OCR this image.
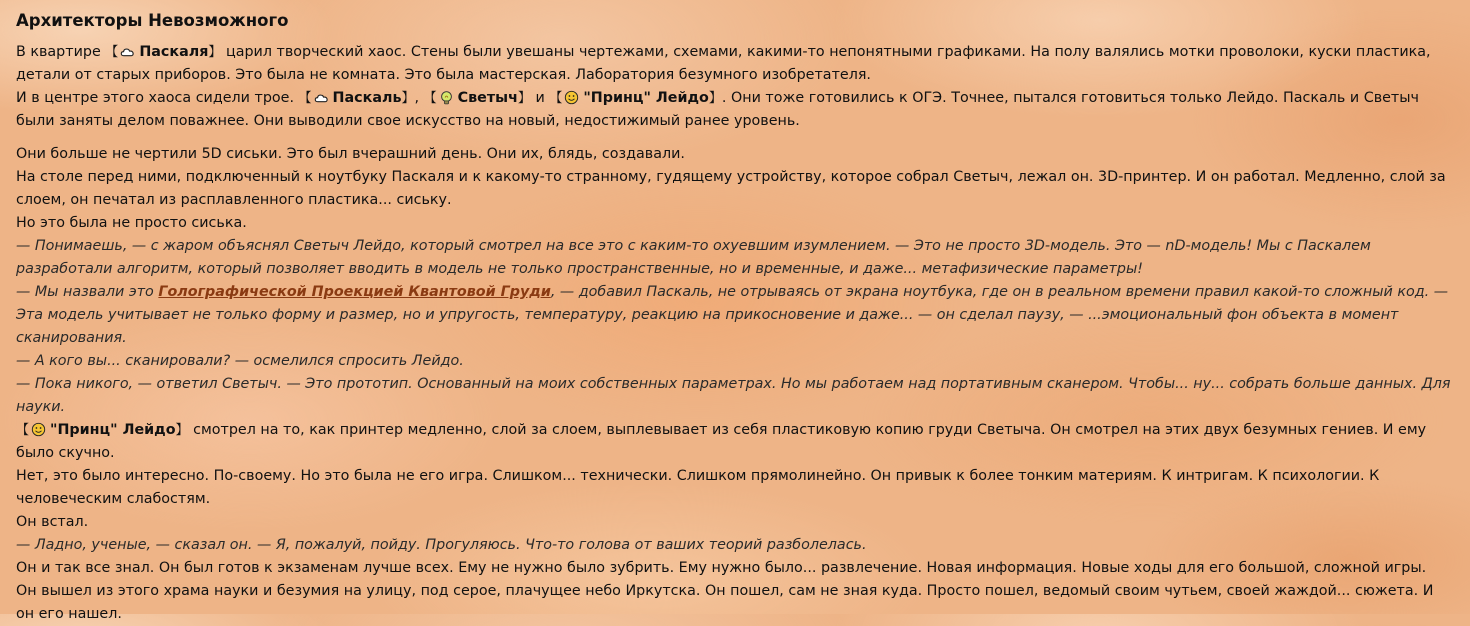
Архитекторы Невозможного

В квартире 【 Паскаля】 царил творческий хаос. Стены были увешаны чертежами, схемами, какими-то непонятными графиками. На полу валялись мотки проволоки, куски пластика, детали от старых приборов. Это была не комната. Это была мастерская. Лаборатория безумного изобретателя.

И в центре этого хаоса сидели трое. 【 Паскаль】, 【 Светыч】 и 【 "Принц" Лейдо】. Они тоже готовились к ОГЭ. Точнее, пытался готовиться только Лейдо. Паскаль и Светыч были заняты делом поважнее. Они выводили свое искусство на новый, недостижимый ранее уровень.

Они больше не чертили 5D сиськи. Это был вчерашний день. Они их, блядь, создавали.

На столе перед ними, подключенный к ноутбуку Паскаля и к какому-то странному, гудящему устройству, которое собрал Светыч, лежал он. 3D-принтер. И он работал. Медленно, слой за слоем, он печатал из расплавленного пластика... сиську.

Но это была не просто сиська.

— Понимаешь, — с жаром объяснял Светыч Лейдо, который смотрел на все это с каким-то охуевшим изумлением. — Это не просто 3D-модель. Это — nD-модель! Мы с Паскалем разработали алгоритм, который позволяет вводить в модель не только пространственные, но и временные, и даже... метафизические параметры!

— Мы назвали это Голографической Проекцией Квантовой Груди, — добавил Паскаль, не отрываясь от экрана ноутбука, где он в реальном времени правил какой-то сложный код. — Эта модель учитывает не только форму и размер, но и упругость, температуру, реакцию на прикосновение и даже... — он сделал паузу, — ...эмоциональный фон объекта в момент сканирования.

— А кого вы... сканировали? — осмелился спросить Лейдо.

— Пока никого, — ответил Светыч. — Это прототип. Основанный на моих собственных параметрах. Но мы работаем над портативным сканером. Чтобы... ну... собрать больше данных. Для науки.

【 "Принц" Лейдо】 смотрел на то, как принтер медленно, слой за слоем, выплевывает из себя пластиковую копию груди Светыча. Он смотрел на этих двух безумных гениев. И ему было скучно.

Нет, это было интересно. По-своему. Но это была не его игра. Слишком... технически. Слишком прямолинейно. Он привык к более тонким материям. К интригам. К психологии. К человеческим слабостям.

Он встал.

— Ладно, ученые, — сказал он. — Я, пожалуй, пойду. Прогуляюсь. Что-то голова от ваших теорий разболелась.

Он и так все знал. Он был готов к экзаменам лучше всех. Ему не нужно было зубрить. Ему нужно было... развлечение. Новая информация. Новые ходы для его большой, сложной игры.

Он вышел из этого храма науки и безумия на улицу, под серое, плачущее небо Иркутска. Он пошел, сам не зная куда. Просто пошел, ведомый своим чутьем, своей жаждой... сюжета. И он его нашел.
